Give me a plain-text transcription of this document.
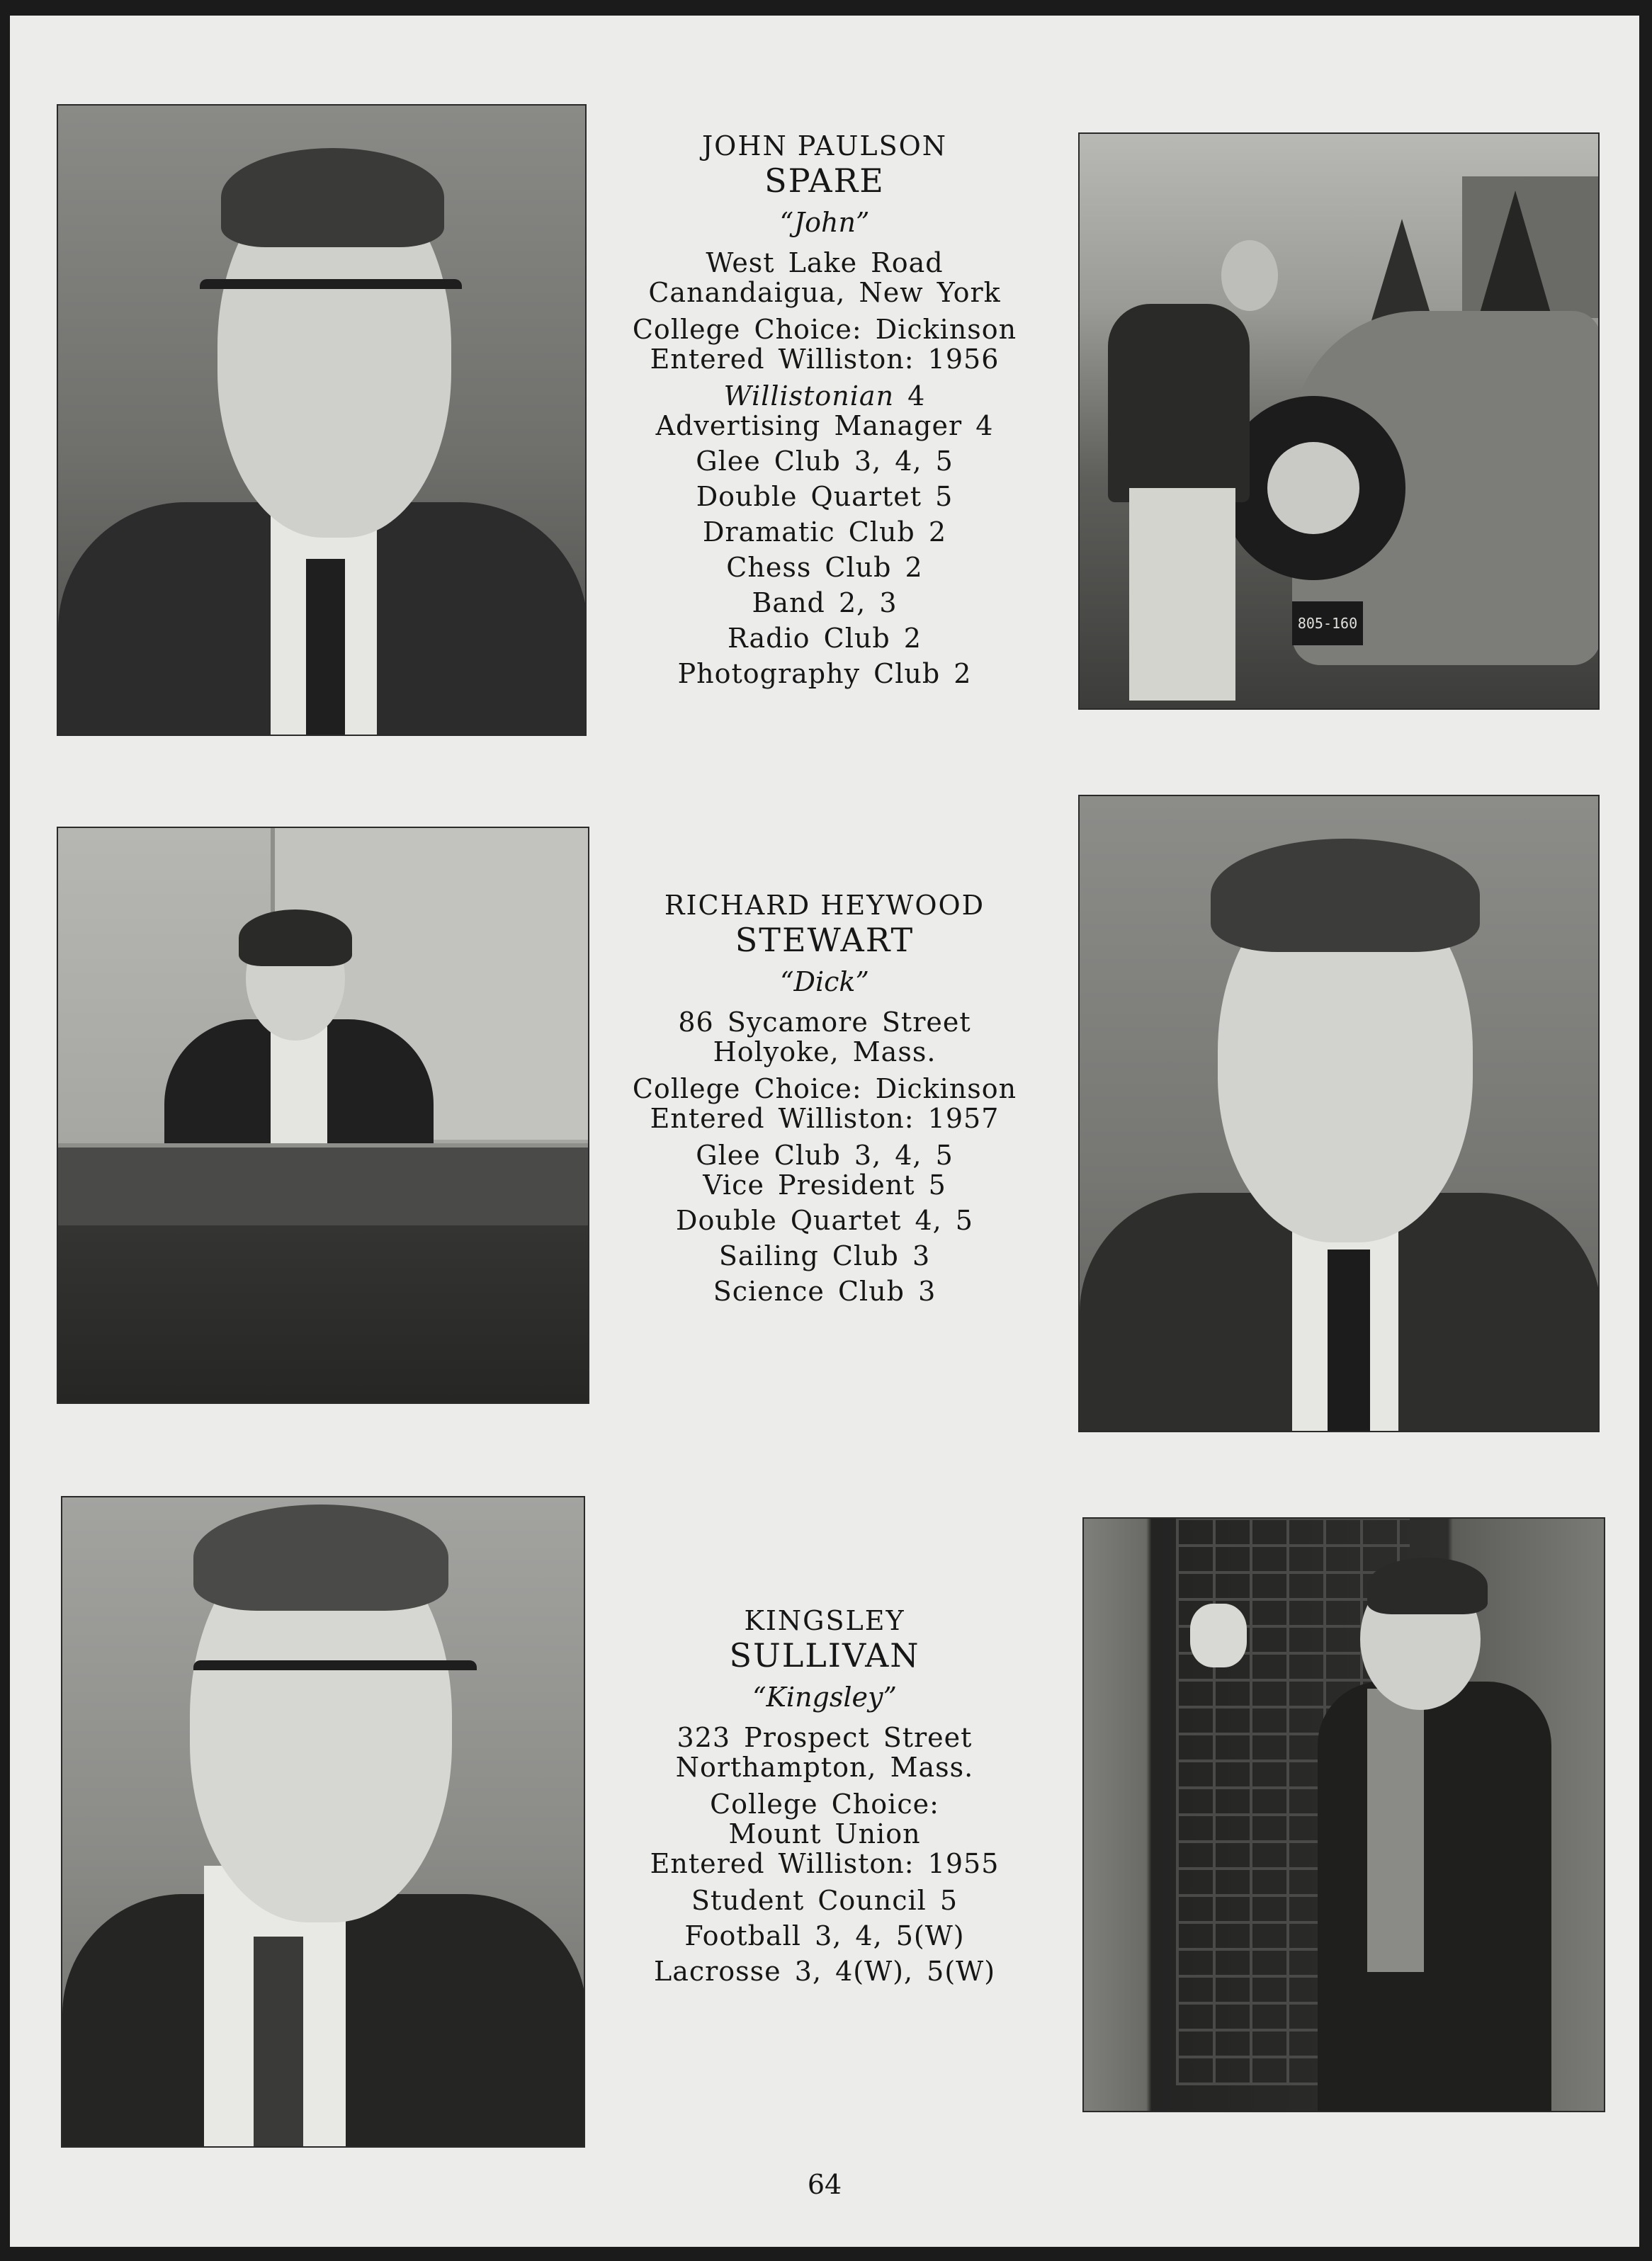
JOHN PAULSON
SPARE
“John”
West Lake Road
Canandaigua, New York
College Choice: Dickinson
Entered Williston: 1956
Willistonian 4
Advertising Manager 4
Glee Club 3, 4, 5
Double Quartet 5
Dramatic Club 2
Chess Club 2
Band 2, 3
Radio Club 2
Photography Club 2
805-160
RICHARD HEYWOOD
STEWART
“Dick”
86 Sycamore Street
Holyoke, Mass.
College Choice: Dickinson
Entered Williston: 1957
Glee Club 3, 4, 5
Vice President 5
Double Quartet 4, 5
Sailing Club 3
Science Club 3
KINGSLEY
SULLIVAN
“Kingsley”
323 Prospect Street
Northampton, Mass.
College Choice:
Mount Union
Entered Williston: 1955
Student Council 5
Football 3, 4, 5(W)
Lacrosse 3, 4(W), 5(W)
64
